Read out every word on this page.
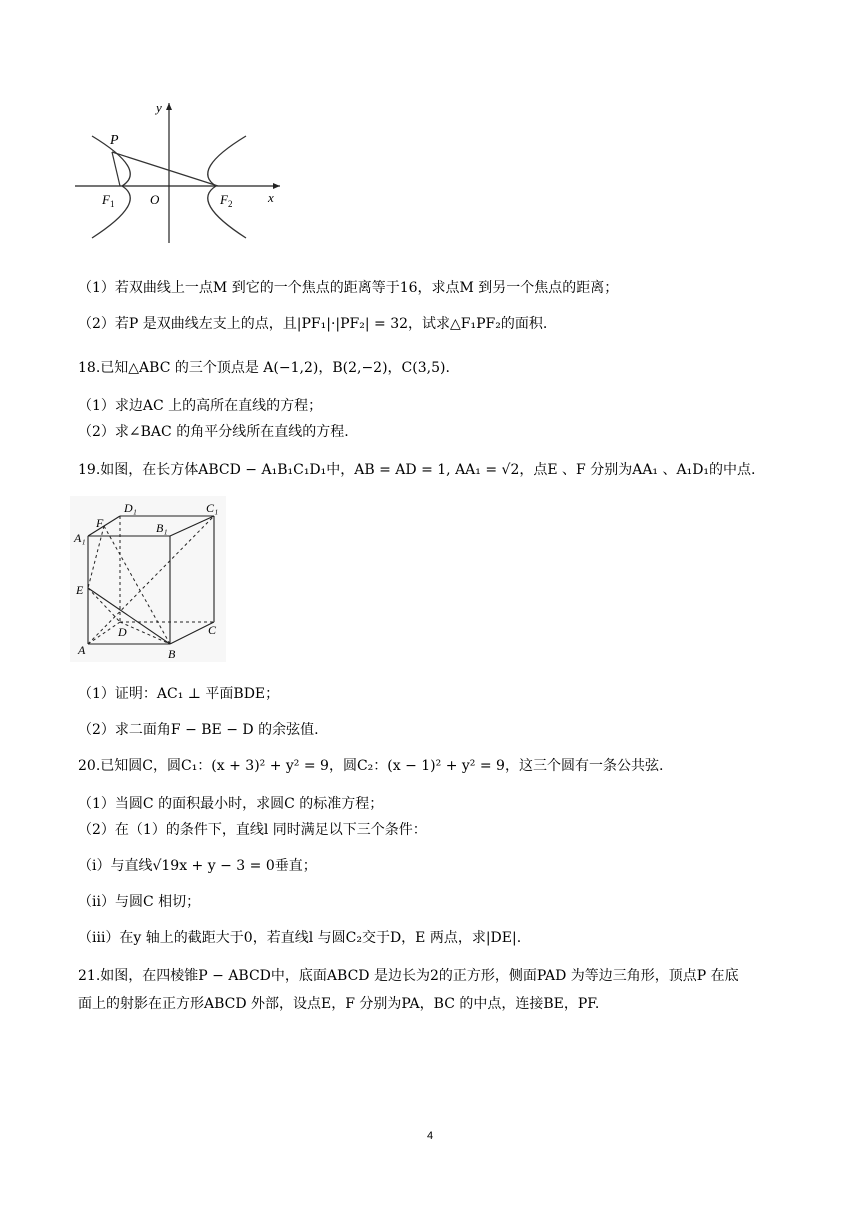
y
x
P
O
$F_1$	$F_2$
（1）若双曲线上一点M 到它的一个焦点的距离等于16，求点M 到另一个焦点的距离；
（2）若P 是双曲线左支上的点，且|PF₁|·|PF₂| = 32，试求△F₁PF₂的面积.
18.已知△ABC 的三个顶点是 A(−1,2)，B(2,−2)，C(3,5).
（1）求边AC 上的高所在直线的方程；
（2）求∠BAC 的角平分线所在直线的方程.
19.如图，在长方体ABCD − A₁B₁C₁D₁中，AB = AD = 1, AA₁ = √2，点E 、F 分别为AA₁ 、A₁D₁的中点.
D₁
F	B₁
C₁
A₁
E
D	C
A	B
（1）证明：AC₁ ⊥ 平面BDE；
（2）求二面角F − BE − D 的余弦值.
20.已知圆C，圆C₁：(x + 3)² + y² = 9，圆C₂：(x − 1)² + y² = 9，这三个圆有一条公共弦.
（1）当圆C 的面积最小时，求圆C 的标准方程；
（2）在（1）的条件下，直线l 同时满足以下三个条件：
（ⅰ）与直线√19x + y − 3 = 0垂直；
（ⅱ）与圆C 相切；
（ⅲ）在y 轴上的截距大于0，若直线l 与圆C₂交于D，E 两点，求|DE|.
21.如图，在四棱锥P − ABCD中，底面ABCD 是边长为2的正方形，侧面PAD 为等边三角形，顶点P 在底
面上的射影在正方形ABCD 外部，设点E，F 分别为PA，BC 的中点，连接BE，PF.
4
